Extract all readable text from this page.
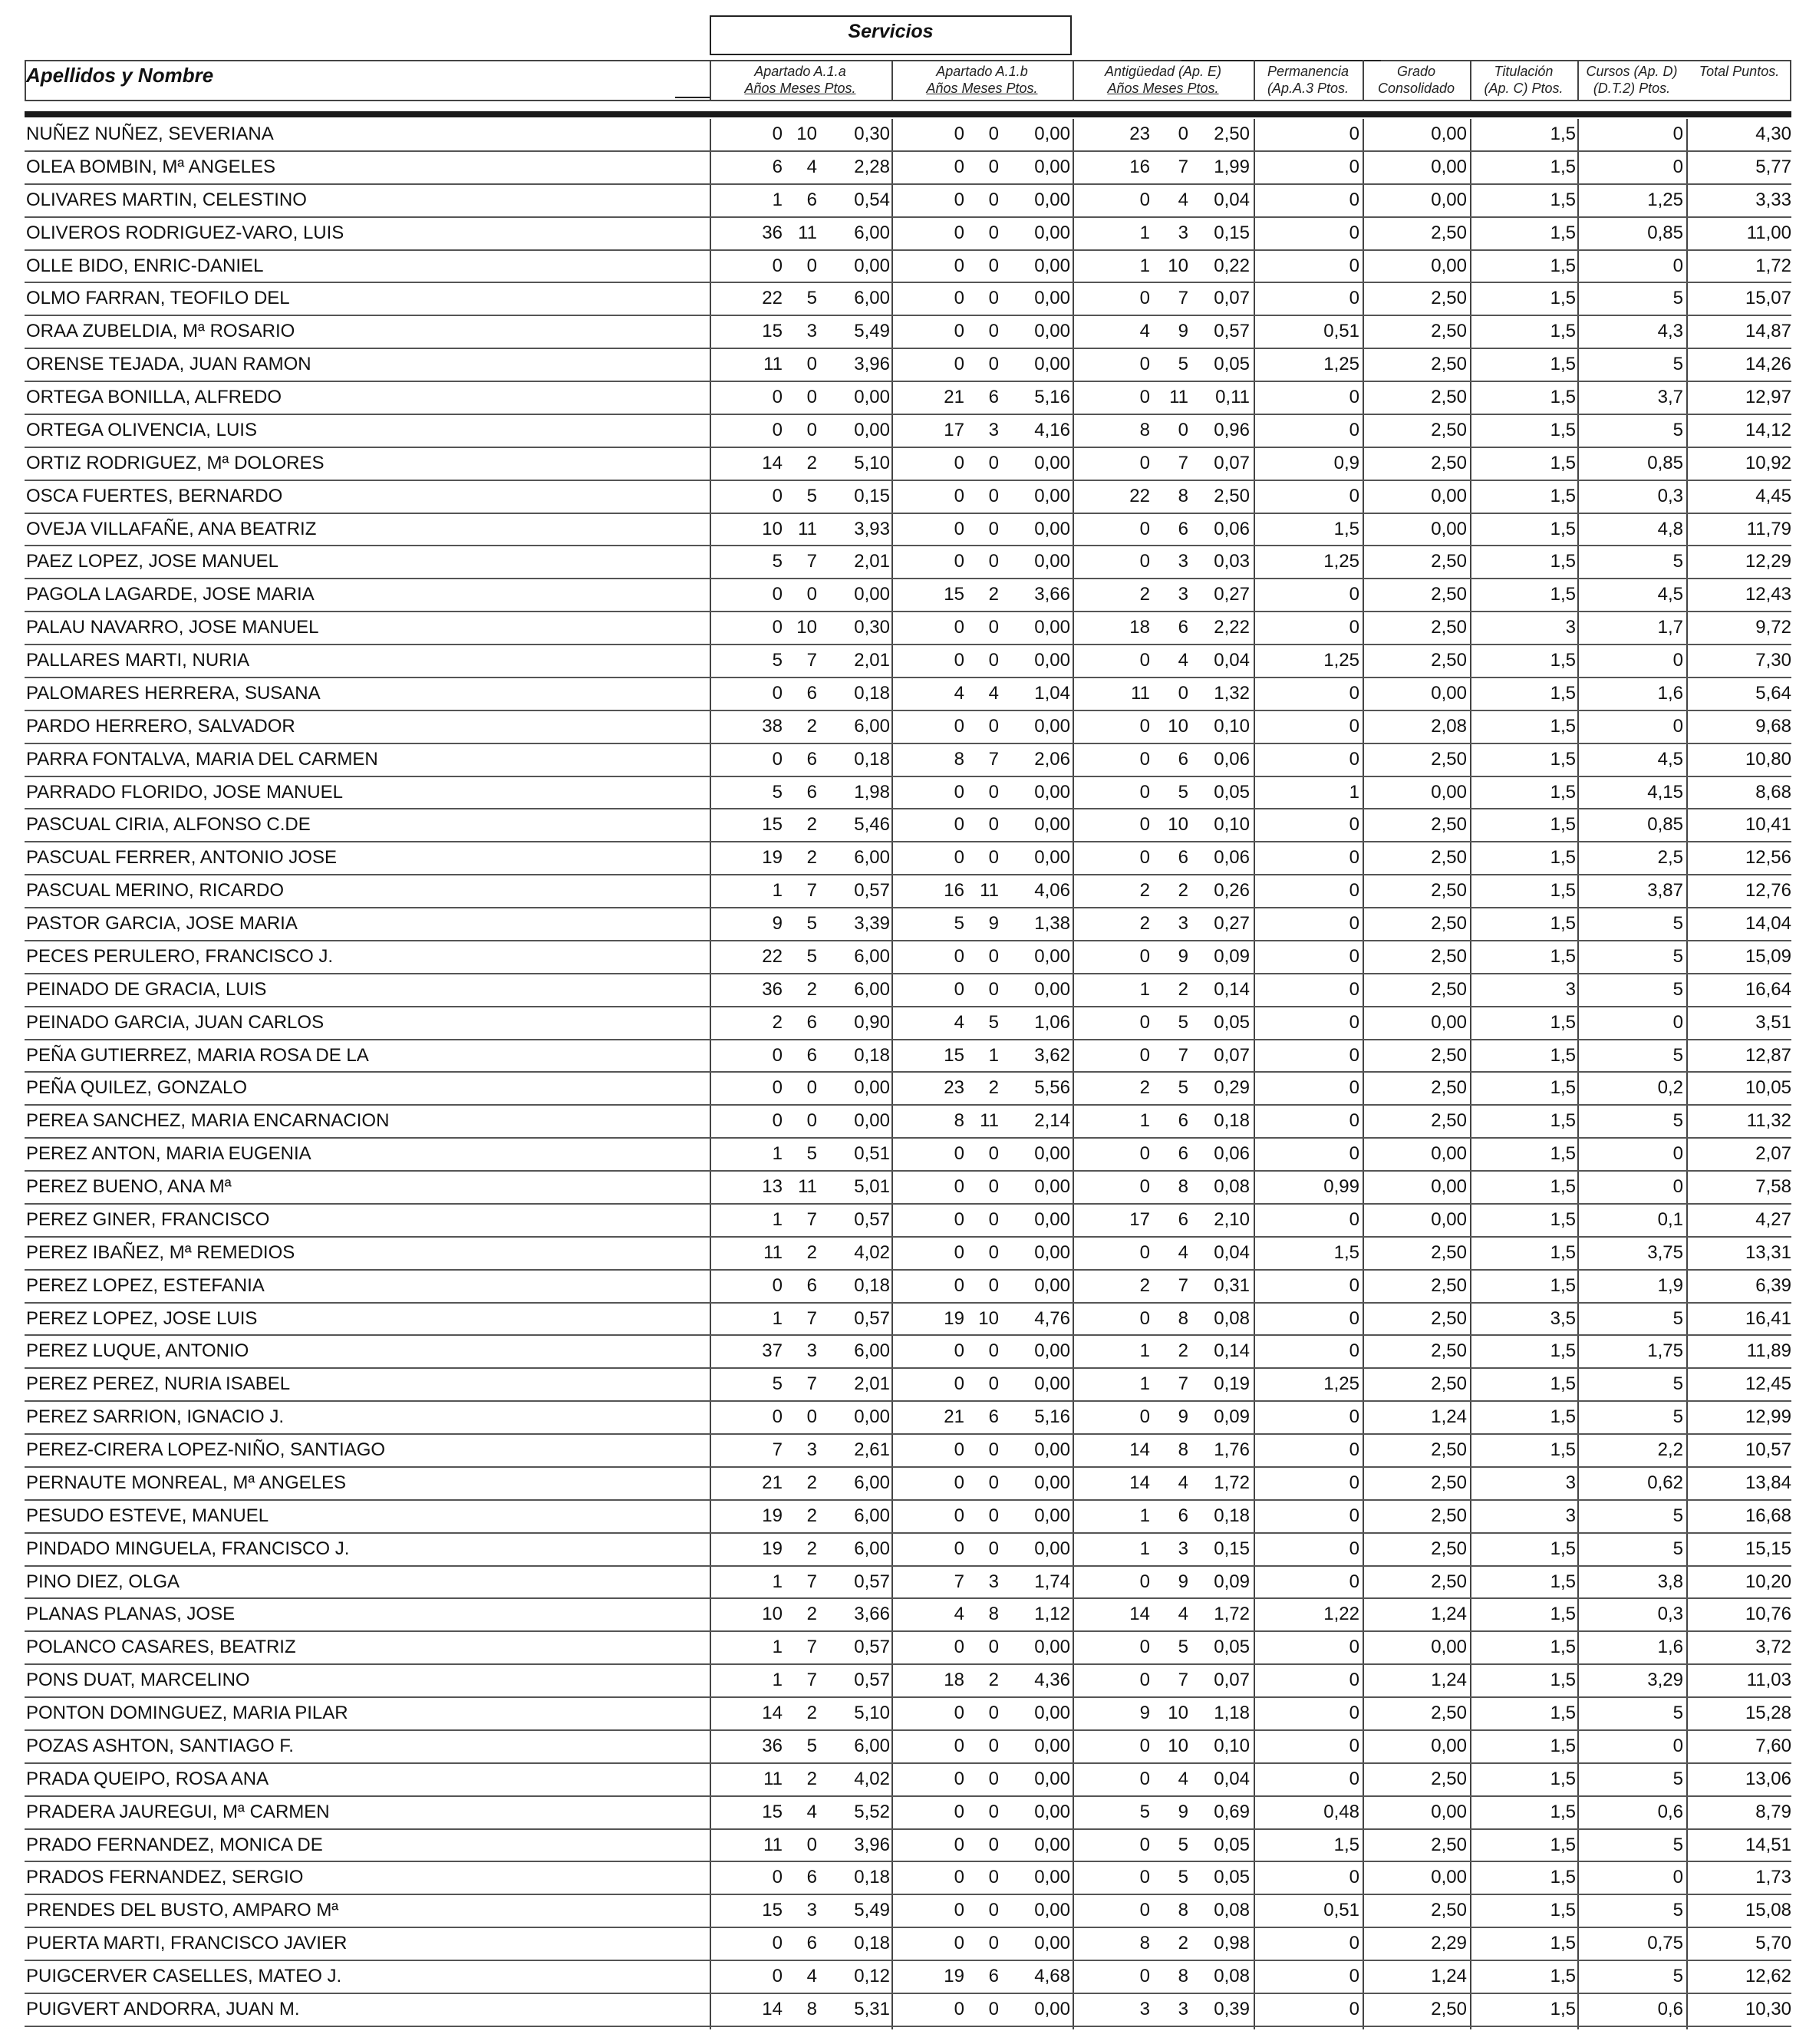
Servicios
Apellidos y Nombre	Apartado A.1.a
Años Meses Ptos.
Apartado A.1.b
Años Meses Ptos.
Antigüedad (Ap. E)
Años Meses Ptos.
Permanencia
(Ap.A.3 Ptos.
Grado
Consolidado
Titulación
(Ap. C) Ptos.
Cursos (Ap. D)
(D.T.2) Ptos.
Total Puntos.
NUÑEZ NUÑEZ, SEVERIANA	0 10	0,30	0	0	0,00	23	0	2,50	0	0,00	1,5	0	4,30
OLEA BOMBIN, Mª ANGELES	6	4	2,28	0	0	0,00	16	7	1,99	0	0,00	1,5	0	5,77
OLIVARES MARTIN, CELESTINO	1	6	0,54	0	0	0,00	0	4	0,04	0	0,00	1,5	1,25	3,33
OLIVEROS RODRIGUEZ-VARO, LUIS	36 11	6,00	0	0	0,00	1	3	0,15	0	2,50	1,5	0,85	11,00
OLLE BIDO, ENRIC-DANIEL	0	0	0,00	0	0	0,00	1 10	0,22	0	0,00	1,5	0	1,72
OLMO FARRAN, TEOFILO DEL	22	5	6,00	0	0	0,00	0	7	0,07	0	2,50	1,5	5	15,07
ORAA ZUBELDIA, Mª ROSARIO	15	3	5,49	0	0	0,00	4	9	0,57	0,51	2,50	1,5	4,3	14,87
ORENSE TEJADA, JUAN RAMON	11	0	3,96	0	0	0,00	0	5	0,05	1,25	2,50	1,5	5	14,26
ORTEGA BONILLA, ALFREDO	0	0	0,00	21	6	5,16	0	11	0,11	0	2,50	1,5	3,7	12,97
ORTEGA OLIVENCIA, LUIS	0	0	0,00	17	3	4,16	8	0	0,96	0	2,50	1,5	5	14,12
ORTIZ RODRIGUEZ, Mª DOLORES	14	2	5,10	0	0	0,00	0	7	0,07	0,9	2,50	1,5	0,85	10,92
OSCA FUERTES, BERNARDO	0	5	0,15	0	0	0,00	22	8	2,50	0	0,00	1,5	0,3	4,45
OVEJA VILLAFAÑE, ANA BEATRIZ	10 11	3,93	0	0	0,00	0	6	0,06	1,5	0,00	1,5	4,8	11,79
PAEZ LOPEZ, JOSE MANUEL	5	7	2,01	0	0	0,00	0	3	0,03	1,25	2,50	1,5	5	12,29
PAGOLA LAGARDE, JOSE MARIA	0	0	0,00	15	2	3,66	2	3	0,27	0	2,50	1,5	4,5	12,43
PALAU NAVARRO, JOSE MANUEL	0 10	0,30	0	0	0,00	18	6	2,22	0	2,50	3	1,7	9,72
PALLARES MARTI, NURIA	5	7	2,01	0	0	0,00	0	4	0,04	1,25	2,50	1,5	0	7,30
PALOMARES HERRERA, SUSANA	0	6	0,18	4	4	1,04	11	0	1,32	0	0,00	1,5	1,6	5,64
PARDO HERRERO, SALVADOR	38	2	6,00	0	0	0,00	0 10	0,10	0	2,08	1,5	0	9,68
PARRA FONTALVA, MARIA DEL CARMEN	0	6	0,18	8	7	2,06	0	6	0,06	0	2,50	1,5	4,5	10,80
PARRADO FLORIDO, JOSE MANUEL	5	6	1,98	0	0	0,00	0	5	0,05	1	0,00	1,5	4,15	8,68
PASCUAL CIRIA, ALFONSO C.DE	15	2	5,46	0	0	0,00	0 10	0,10	0	2,50	1,5	0,85	10,41
PASCUAL FERRER, ANTONIO JOSE	19	2	6,00	0	0	0,00	0	6	0,06	0	2,50	1,5	2,5	12,56
PASCUAL MERINO, RICARDO	1	7	0,57	16 11	4,06	2	2	0,26	0	2,50	1,5	3,87	12,76
PASTOR GARCIA, JOSE MARIA	9	5	3,39	5	9	1,38	2	3	0,27	0	2,50	1,5	5	14,04
PECES PERULERO, FRANCISCO J.	22	5	6,00	0	0	0,00	0	9	0,09	0	2,50	1,5	5	15,09
PEINADO DE GRACIA, LUIS	36	2	6,00	0	0	0,00	1	2	0,14	0	2,50	3	5	16,64
PEINADO GARCIA, JUAN CARLOS	2	6	0,90	4	5	1,06	0	5	0,05	0	0,00	1,5	0	3,51
PEÑA GUTIERREZ, MARIA ROSA DE LA	0	6	0,18	15	1	3,62	0	7	0,07	0	2,50	1,5	5	12,87
PEÑA QUILEZ, GONZALO	0	0	0,00	23	2	5,56	2	5	0,29	0	2,50	1,5	0,2	10,05
PEREA SANCHEZ, MARIA ENCARNACION	0	0	0,00	8 11	2,14	1	6	0,18	0	2,50	1,5	5	11,32
PEREZ ANTON, MARIA EUGENIA	1	5	0,51	0	0	0,00	0	6	0,06	0	0,00	1,5	0	2,07
PEREZ BUENO, ANA Mª	13 11	5,01	0	0	0,00	0	8	0,08	0,99	0,00	1,5	0	7,58
PEREZ GINER, FRANCISCO	1	7	0,57	0	0	0,00	17	6	2,10	0	0,00	1,5	0,1	4,27
PEREZ IBAÑEZ, Mª REMEDIOS	11	2	4,02	0	0	0,00	0	4	0,04	1,5	2,50	1,5	3,75	13,31
PEREZ LOPEZ, ESTEFANIA	0	6	0,18	0	0	0,00	2	7	0,31	0	2,50	1,5	1,9	6,39
PEREZ LOPEZ, JOSE LUIS	1	7	0,57	19 10	4,76	0	8	0,08	0	2,50	3,5	5	16,41
PEREZ LUQUE, ANTONIO	37	3	6,00	0	0	0,00	1	2	0,14	0	2,50	1,5	1,75	11,89
PEREZ PEREZ, NURIA ISABEL	5	7	2,01	0	0	0,00	1	7	0,19	1,25	2,50	1,5	5	12,45
PEREZ SARRION, IGNACIO J.	0	0	0,00	21	6	5,16	0	9	0,09	0	1,24	1,5	5	12,99
PEREZ-CIRERA LOPEZ-NIÑO, SANTIAGO	7	3	2,61	0	0	0,00	14	8	1,76	0	2,50	1,5	2,2	10,57
PERNAUTE MONREAL, Mª ANGELES	21	2	6,00	0	0	0,00	14	4	1,72	0	2,50	3	0,62	13,84
PESUDO ESTEVE, MANUEL	19	2	6,00	0	0	0,00	1	6	0,18	0	2,50	3	5	16,68
PINDADO MINGUELA, FRANCISCO J.	19	2	6,00	0	0	0,00	1	3	0,15	0	2,50	1,5	5	15,15
PINO DIEZ, OLGA	1	7	0,57	7	3	1,74	0	9	0,09	0	2,50	1,5	3,8	10,20
PLANAS PLANAS, JOSE	10	2	3,66	4	8	1,12	14	4	1,72	1,22	1,24	1,5	0,3	10,76
POLANCO CASARES, BEATRIZ	1	7	0,57	0	0	0,00	0	5	0,05	0	0,00	1,5	1,6	3,72
PONS DUAT, MARCELINO	1	7	0,57	18	2	4,36	0	7	0,07	0	1,24	1,5	3,29	11,03
PONTON DOMINGUEZ, MARIA PILAR	14	2	5,10	0	0	0,00	9 10	1,18	0	2,50	1,5	5	15,28
POZAS ASHTON, SANTIAGO F.	36	5	6,00	0	0	0,00	0 10	0,10	0	0,00	1,5	0	7,60
PRADA QUEIPO, ROSA ANA	11	2	4,02	0	0	0,00	0	4	0,04	0	2,50	1,5	5	13,06
PRADERA JAUREGUI, Mª CARMEN	15	4	5,52	0	0	0,00	5	9	0,69	0,48	0,00	1,5	0,6	8,79
PRADO FERNANDEZ, MONICA DE	11	0	3,96	0	0	0,00	0	5	0,05	1,5	2,50	1,5	5	14,51
PRADOS FERNANDEZ, SERGIO	0	6	0,18	0	0	0,00	0	5	0,05	0	0,00	1,5	0	1,73
PRENDES DEL BUSTO, AMPARO Mª	15	3	5,49	0	0	0,00	0	8	0,08	0,51	2,50	1,5	5	15,08
PUERTA MARTI, FRANCISCO JAVIER	0	6	0,18	0	0	0,00	8	2	0,98	0	2,29	1,5	0,75	5,70
PUIGCERVER CASELLES, MATEO J.	0	4	0,12	19	6	4,68	0	8	0,08	0	1,24	1,5	5	12,62
PUIGVERT ANDORRA, JUAN M.	14	8	5,31	0	0	0,00	3	3	0,39	0	2,50	1,5	0,6	10,30
